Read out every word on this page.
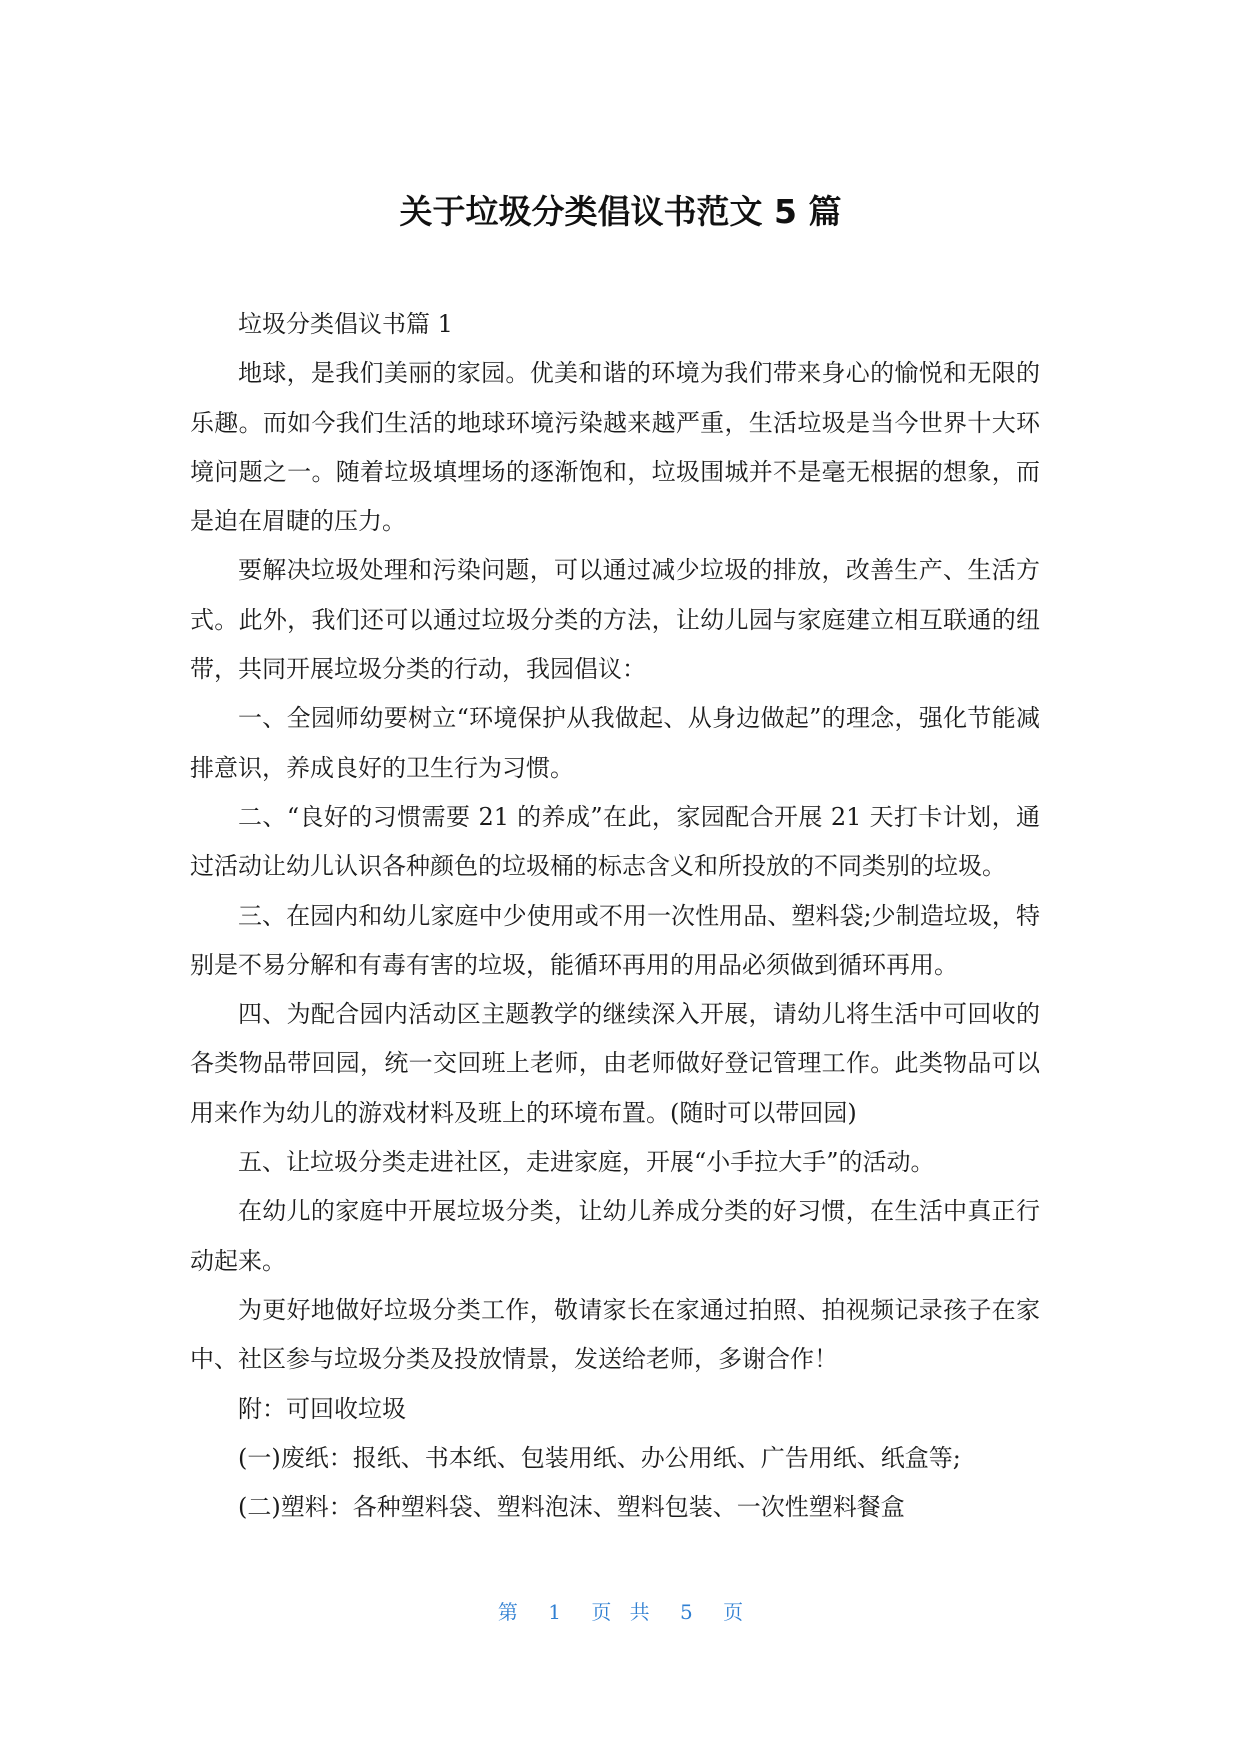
关于垃圾分类倡议书范文 5 篇

垃圾分类倡议书篇 1

地球，是我们美丽的家园。优美和谐的环境为我们带来身心的愉悦和无限的乐趣。而如今我们生活的地球环境污染越来越严重，生活垃圾是当今世界十大环境问题之一。随着垃圾填埋场的逐渐饱和，垃圾围城并不是毫无根据的想象，而是迫在眉睫的压力。

要解决垃圾处理和污染问题，可以通过减少垃圾的排放，改善生产、生活方式。此外，我们还可以通过垃圾分类的方法，让幼儿园与家庭建立相互联通的纽带，共同开展垃圾分类的行动，我园倡议：

一、全园师幼要树立“环境保护从我做起、从身边做起”的理念，强化节能减排意识，养成良好的卫生行为习惯。

二、“良好的习惯需要 21 的养成”在此，家园配合开展 21 天打卡计划，通过活动让幼儿认识各种颜色的垃圾桶的标志含义和所投放的不同类别的垃圾。

三、在园内和幼儿家庭中少使用或不用一次性用品、塑料袋;少制造垃圾，特别是不易分解和有毒有害的垃圾，能循环再用的用品必须做到循环再用。

四、为配合园内活动区主题教学的继续深入开展，请幼儿将生活中可回收的各类物品带回园，统一交回班上老师，由老师做好登记管理工作。此类物品可以用来作为幼儿的游戏材料及班上的环境布置。(随时可以带回园)

五、让垃圾分类走进社区，走进家庭，开展“小手拉大手”的活动。

在幼儿的家庭中开展垃圾分类，让幼儿养成分类的好习惯，在生活中真正行动起来。

为更好地做好垃圾分类工作，敬请家长在家通过拍照、拍视频记录孩子在家中、社区参与垃圾分类及投放情景，发送给老师，多谢合作！

附：可回收垃圾

(一)废纸：报纸、书本纸、包装用纸、办公用纸、广告用纸、纸盒等;

(二)塑料：各种塑料袋、塑料泡沫、塑料包装、一次性塑料餐盒

第 1 页 共 5 页
